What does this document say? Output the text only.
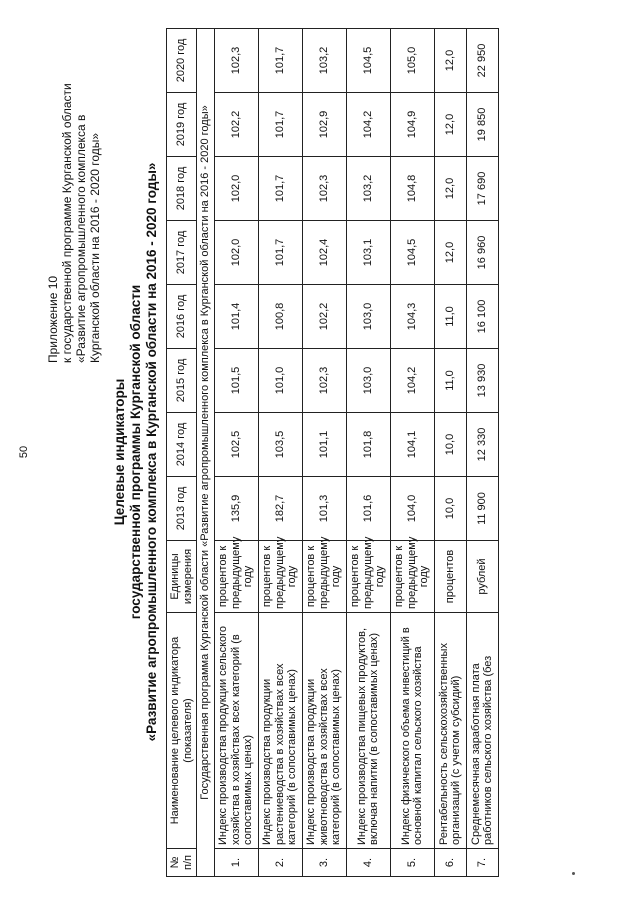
50
Приложение 10 к государственной программе Курганской области «Развитие агропромышленного комплекса в Курганской области на 2016 - 2020 годы»
Целевые индикаторы государственной программы Курганской области «Развитие агропромышленного комплекса в Курганской области на 2016 - 2020 годы»
№ п/п	Наименование целевого индикатора (показателя)	Единицы измерения	2013 год	2014 год	2015 год	2016 год	2017 год	2018 год	2019 год	2020 год
Государственная программа Курганской области «Развитие агропромышленного комплекса в Курганской области на 2016 - 2020 годы»										
1.	Индекс производства продукции сельского хозяйства в хозяйствах всех категорий (в сопоставимых ценах)	процентов к предыдущему году	135,9	102,5	101,5	101,4	102,0	102,0	102,2	102,3
2.	Индекс производства продукции растениеводства в хозяйствах всех категорий (в сопоставимых ценах)	процентов к предыдущему году	182,7	103,5	101,0	100,8	101,7	101,7	101,7	101,7
3.	Индекс производства продукции животноводства в хозяйствах всех категорий (в сопоставимых ценах)	процентов к предыдущему году	101,3	101,1	102,3	102,2	102,4	102,3	102,9	103,2
4.	Индекс производства пищевых продуктов, включая напитки (в сопоставимых ценах)	процентов к предыдущему году	101,6	101,8	103,0	103,0	103,1	103,2	104,2	104,5
5.	Индекс физического объема инвестиций в основной капитал сельского хозяйства	процентов к предыдущему году	104,0	104,1	104,2	104,3	104,5	104,8	104,9	105,0
6.	Рентабельность сельскохозяйственных организаций (с учетом субсидий)	процентов	10,0	10,0	11,0	11,0	12,0	12,0	12,0	12,0
7.	Среднемесячная заработная плата работников сельского хозяйства (без	рублей	11 900	12 330	13 930	16 100	16 960	17 690	19 850	22 950
